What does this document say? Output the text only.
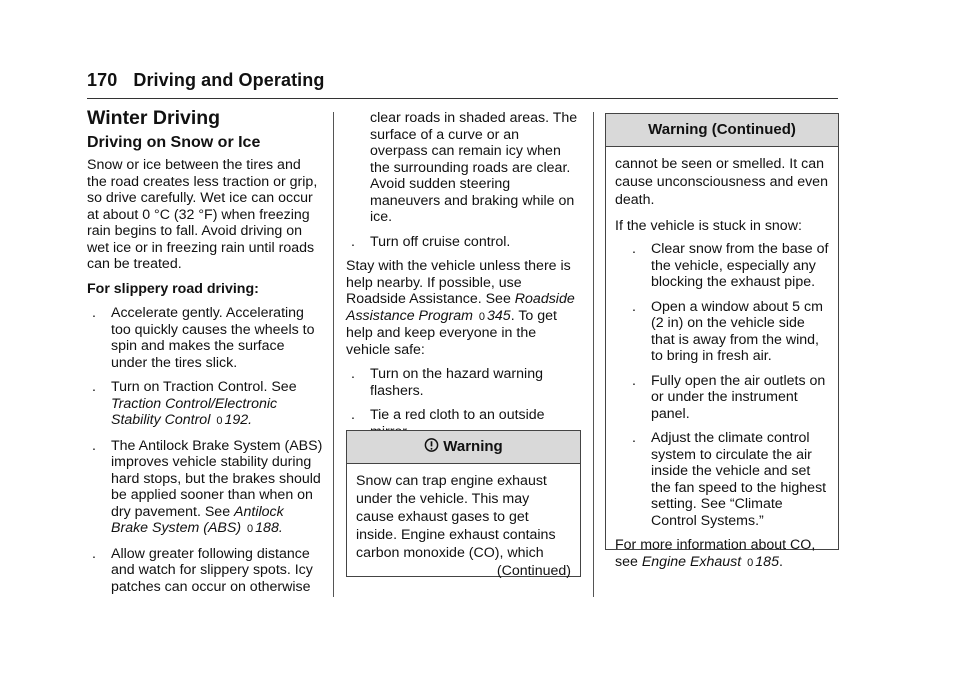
170 Driving and Operating
Winter Driving
Driving on Snow or Ice

Snow or ice between the tires and the road creates less traction or grip, so drive carefully. Wet ice can occur at about 0 °C (32 °F) when freezing rain begins to fall. Avoid driving on wet ice or in freezing rain until roads can be treated.

For slippery road driving:

.	Accelerate gently. Accelerating too quickly causes the wheels to spin and makes the surface under the tires slick.
.	Turn on Traction Control. See
Traction Control/Electronic Stability Control 0 192.
.	The Antilock Brake System (ABS) improves vehicle stability during hard stops, but the brakes should be applied sooner than when on dry pavement. See Antilock Brake System (ABS) 0 188.
.	Allow greater following distance and watch for slippery spots. Icy patches can occur on otherwise
clear roads in shaded areas. The surface of a curve or an overpass can remain icy when the surrounding roads are clear. Avoid sudden steering maneuvers and braking while on ice.
.	Turn off cruise control.

Stay with the vehicle unless there is help nearby. If possible, use Roadside Assistance. See Roadside Assistance Program 0 345. To get help and keep everyone in the vehicle safe:

.	Turn on the hazard warning flashers.
.	Tie a red cloth to an outside
Warning
Snow can trap engine exhaust under the vehicle. This may cause exhaust gases to get inside. Engine exhaust contains carbon monoxide (CO), which
(Continued)
Warning (Continued)

cannot be seen or smelled. It can cause unconsciousness and even death.

If the vehicle is stuck in snow:

.	Clear snow from the base of the vehicle, especially any blocking the exhaust pipe.
.	Open a window about 5 cm (2 in) on the vehicle side that is away from the wind, to bring in fresh air.
.	Fully open the air outlets on or under the instrument panel.
.	Adjust the climate control system to circulate the air inside the vehicle and set the fan speed to the highest setting. See “Climate Control Systems.”

For more information about CO, see Engine Exhaust 0 185.
